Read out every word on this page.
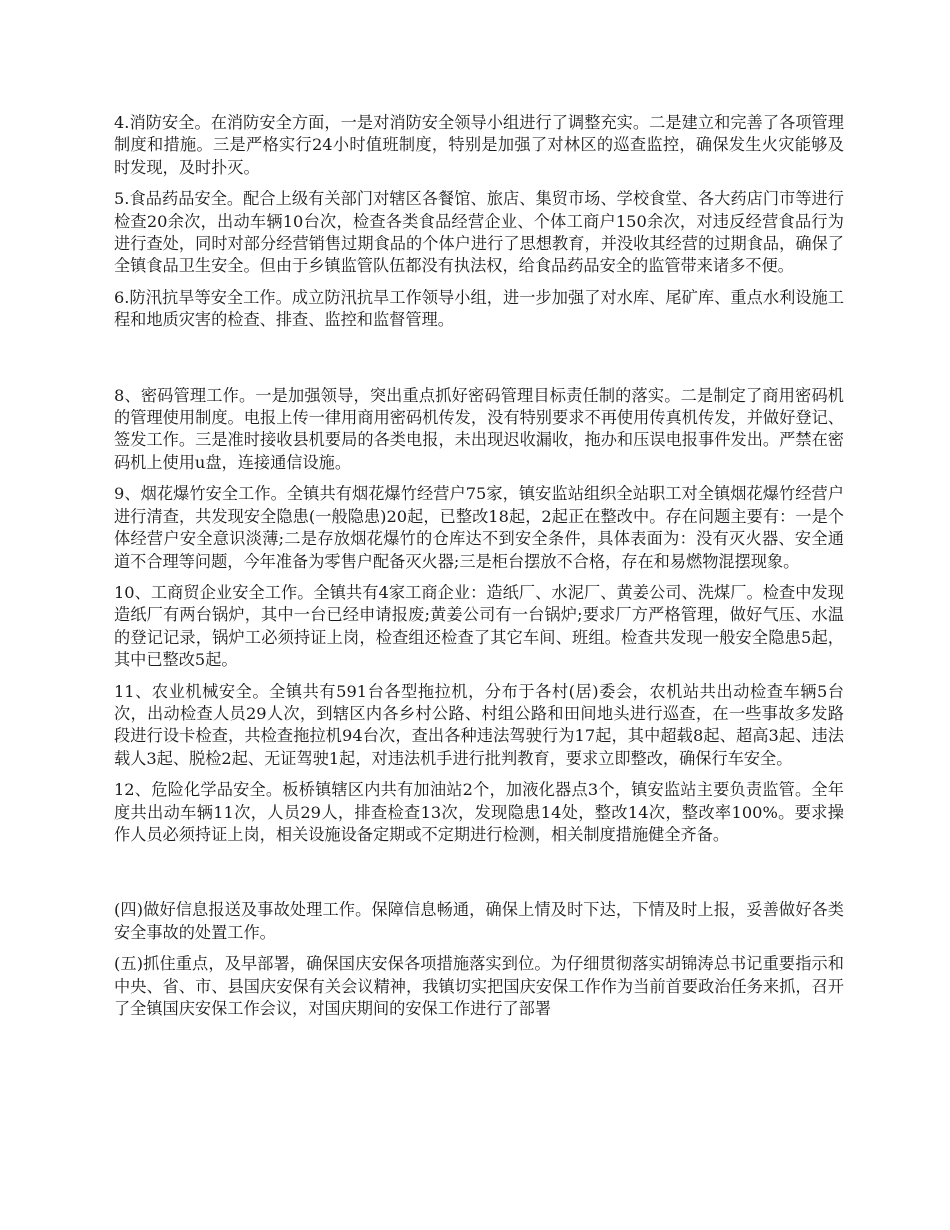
4.消防安全。在消防安全方面，一是对消防安全领导小组进行了调整充实。二是建立和完善了各项管理制度和措施。三是严格实行24小时值班制度，特别是加强了对林区的巡查监控，确保发生火灾能够及时发现，及时扑灭。

5.食品药品安全。配合上级有关部门对辖区各餐馆、旅店、集贸市场、学校食堂、各大药店门市等进行检查20余次，出动车辆10台次，检查各类食品经营企业、个体工商户150余次，对违反经营食品行为进行查处，同时对部分经营销售过期食品的个体户进行了思想教育，并没收其经营的过期食品，确保了全镇食品卫生安全。但由于乡镇监管队伍都没有执法权，给食品药品安全的监管带来诸多不便。

6.防汛抗旱等安全工作。成立防汛抗旱工作领导小组，进一步加强了对水库、尾矿库、重点水利设施工程和地质灾害的检查、排查、监控和监督管理。

8、密码管理工作。一是加强领导，突出重点抓好密码管理目标责任制的落实。二是制定了商用密码机的管理使用制度。电报上传一律用商用密码机传发，没有特别要求不再使用传真机传发，并做好登记、签发工作。三是准时接收县机要局的各类电报，未出现迟收漏收，拖办和压误电报事件发出。严禁在密码机上使用u盘，连接通信设施。

9、烟花爆竹安全工作。全镇共有烟花爆竹经营户75家，镇安监站组织全站职工对全镇烟花爆竹经营户进行清查，共发现安全隐患(一般隐患)20起，已整改18起，2起正在整改中。存在问题主要有：一是个体经营户安全意识淡薄;二是存放烟花爆竹的仓库达不到安全条件，具体表面为：没有灭火器、安全通道不合理等问题，今年准备为零售户配备灭火器;三是柜台摆放不合格，存在和易燃物混摆现象。

10、工商贸企业安全工作。全镇共有4家工商企业：造纸厂、水泥厂、黄姜公司、洗煤厂。检查中发现造纸厂有两台锅炉，其中一台已经申请报废;黄姜公司有一台锅炉;要求厂方严格管理，做好气压、水温的登记记录，锅炉工必须持证上岗，检查组还检查了其它车间、班组。检查共发现一般安全隐患5起，其中已整改5起。

11、农业机械安全。全镇共有591台各型拖拉机，分布于各村(居)委会，农机站共出动检查车辆5台次，出动检查人员29人次，到辖区内各乡村公路、村组公路和田间地头进行巡查，在一些事故多发路段进行设卡检查，共检查拖拉机94台次，查出各种违法驾驶行为17起，其中超载8起、超高3起、违法载人3起、脱检2起、无证驾驶1起，对违法机手进行批判教育，要求立即整改，确保行车安全。

12、危险化学品安全。板桥镇辖区内共有加油站2个，加液化器点3个，镇安监站主要负责监管。全年度共出动车辆11次，人员29人，排查检查13次，发现隐患14处，整改14次，整改率100%。要求操作人员必须持证上岗，相关设施设备定期或不定期进行检测，相关制度措施健全齐备。

(四)做好信息报送及事故处理工作。保障信息畅通，确保上情及时下达，下情及时上报，妥善做好各类安全事故的处置工作。

(五)抓住重点，及早部署，确保国庆安保各项措施落实到位。为仔细贯彻落实胡锦涛总书记重要指示和中央、省、市、县国庆安保有关会议精神，我镇切实把国庆安保工作作为当前首要政治任务来抓，召开了全镇国庆安保工作会议，对国庆期间的安保工作进行了部署
